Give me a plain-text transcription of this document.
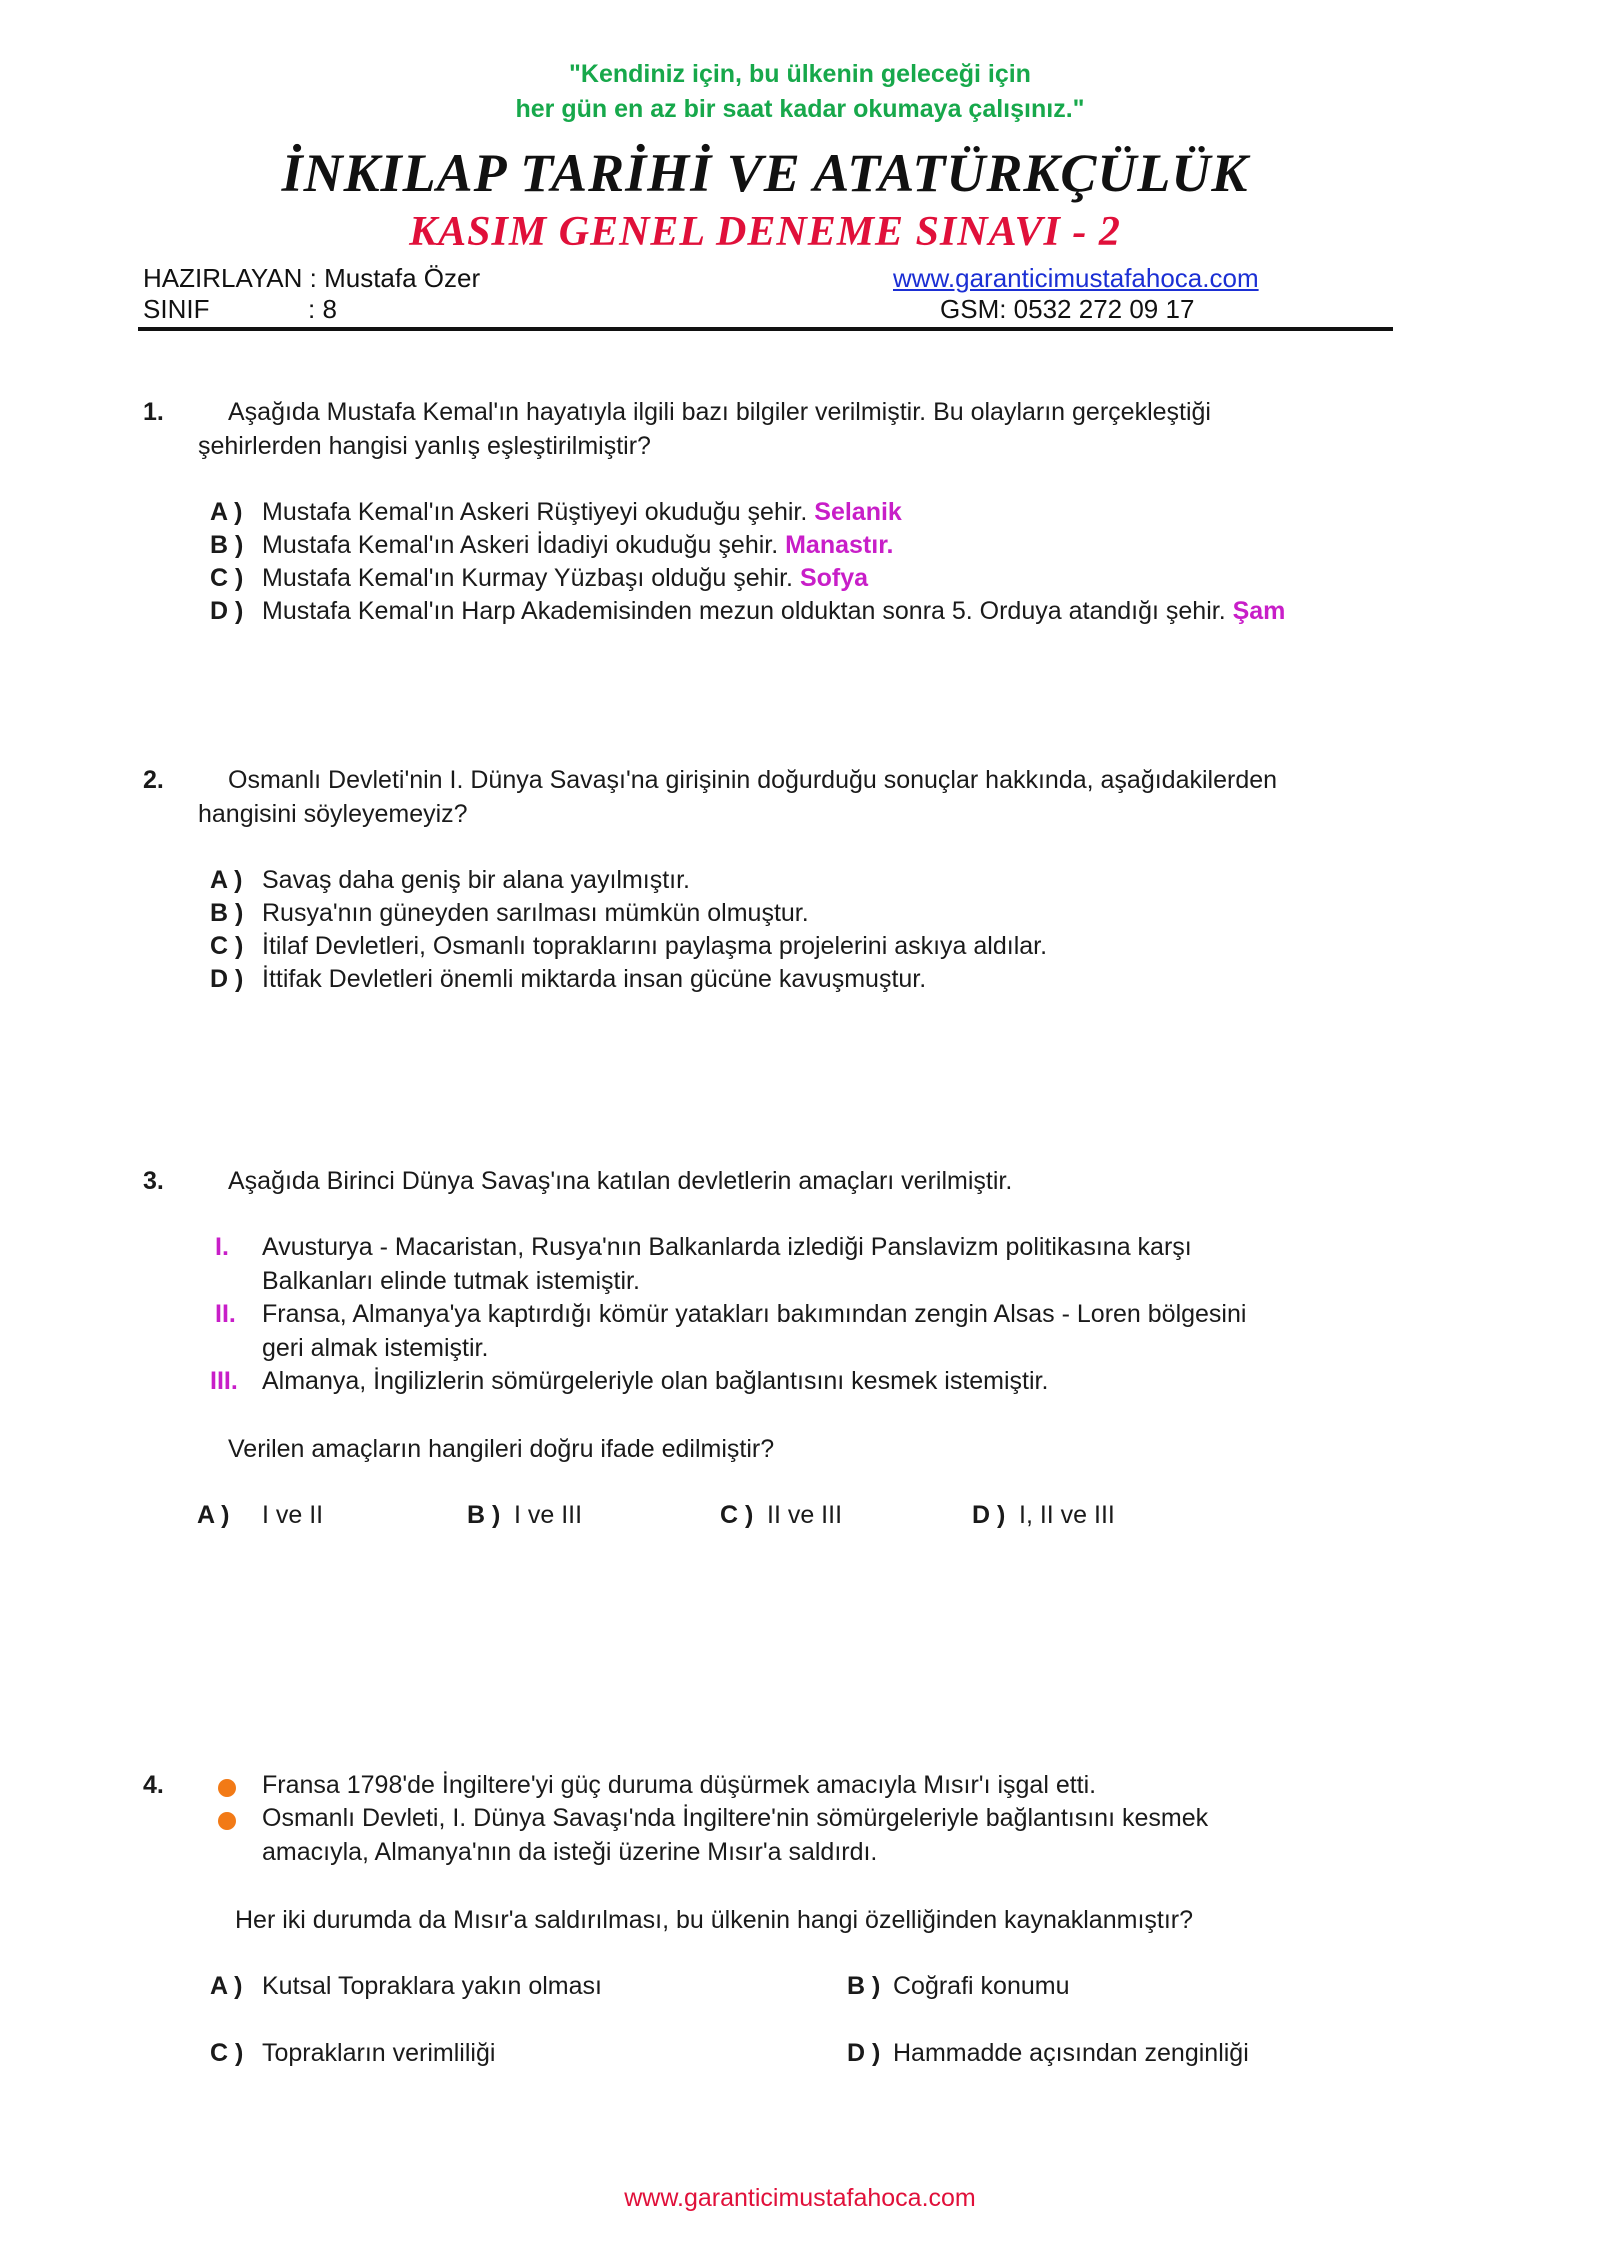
"Kendiniz için, bu ülkenin geleceği için
her gün en az bir saat kadar okumaya çalışınız."
İNKILAP TARİHİ VE ATATÜRKÇÜLÜK
KASIM GENEL DENEME SINAVI - 2
HAZIRLAYAN : Mustafa Özer
SINIF	: 8
www.garanticimustafahoca.com
GSM: 0532 272 09 17
1.	Aşağıda Mustafa Kemal'ın hayatıyla ilgili bazı bilgiler verilmiştir. Bu olayların gerçekleştiği
şehirlerden hangisi yanlış eşleştirilmiştir?
A ) Mustafa Kemal'ın Askeri Rüştiyeyi okuduğu şehir. Selanik
B ) Mustafa Kemal'ın Askeri İdadiyi okuduğu şehir. Manastır.
C ) Mustafa Kemal'ın Kurmay Yüzbaşı olduğu şehir. Sofya
D ) Mustafa Kemal'ın Harp Akademisinden mezun olduktan sonra 5. Orduya atandığı şehir. Şam
2.	Osmanlı Devleti'nin I. Dünya Savaşı'na girişinin doğurduğu sonuçlar hakkında, aşağıdakilerden
hangisini söyleyemeyiz?
A ) Savaş daha geniş bir alana yayılmıştır.
B ) Rusya'nın güneyden sarılması mümkün olmuştur.
C ) İtilaf Devletleri, Osmanlı topraklarını paylaşma projelerini askıya aldılar.
D ) İttifak Devletleri önemli miktarda insan gücüne kavuşmuştur.
3.	Aşağıda Birinci Dünya Savaş'ına katılan devletlerin amaçları verilmiştir.
I. Avusturya - Macaristan, Rusya'nın Balkanlarda izlediği Panslavizm politikasına karşı
Balkanları elinde tutmak istemiştir.
II. Fransa, Almanya'ya kaptırdığı kömür yatakları bakımından zengin Alsas - Loren bölgesini
geri almak istemiştir.
III. Almanya, İngilizlerin sömürgeleriyle olan bağlantısını kesmek istemiştir.
Verilen amaçların hangileri doğru ifade edilmiştir?
A ) I ve II	B ) I ve III	C ) II ve III	D ) I, II ve III
4.	Fransa 1798'de İngiltere'yi güç duruma düşürmek amacıyla Mısır'ı işgal etti.
Osmanlı Devleti, I. Dünya Savaşı'nda İngiltere'nin sömürgeleriyle bağlantısını kesmek
amacıyla, Almanya'nın da isteği üzerine Mısır'a saldırdı.
Her iki durumda da Mısır'a saldırılması, bu ülkenin hangi özelliğinden kaynaklanmıştır?
A ) Kutsal Topraklara yakın olması	B ) Coğrafi konumu
C ) Toprakların verimliliği	D ) Hammadde açısından zenginliği
www.garanticimustafahoca.com
